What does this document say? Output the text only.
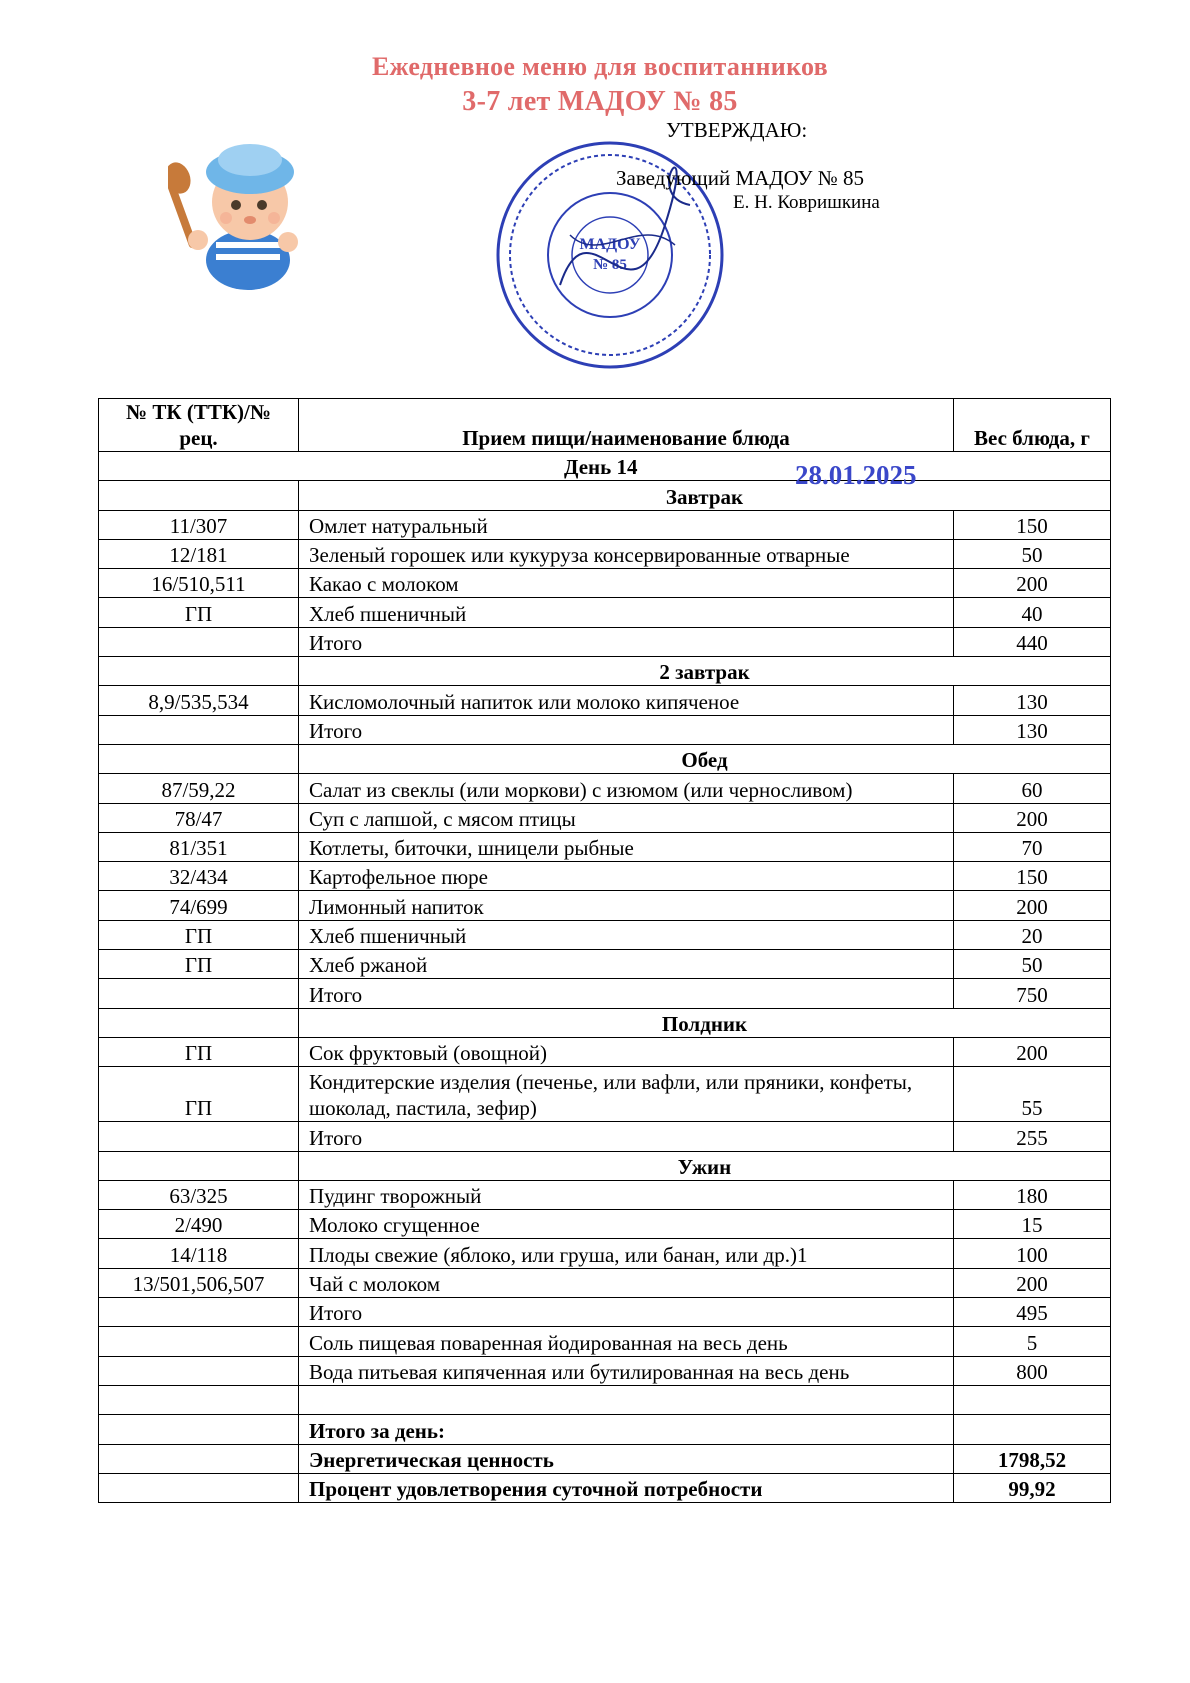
Ежедневное меню для воспитанников
3-7 лет МАДОУ № 85
МАДОУ
№ 85
УТВЕРЖДАЮ:
Заведующий МАДОУ № 85
Е. Н. Ковришкина
№ ТК (ТТК)/№ рец.	Прием пищи/наименование блюда	Вес блюда, г

День 14 28.01.2025		

	Завтрак	
11/307	Омлет натуральный	150
12/181	Зеленый горошек или кукуруза консервированные отварные	50
16/510,511	Какао с молоком	200
ГП	Хлеб пшеничный	40
	Итого	440
	2 завтрак	
8,9/535,534	Кисломолочный напиток или молоко кипяченое	130
	Итого	130
	Обед	
87/59,22	Салат из свеклы (или моркови) с изюмом (или черносливом)	60
78/47	Суп с лапшой, с мясом птицы	200
81/351	Котлеты, биточки, шницели рыбные	70
32/434	Картофельное пюре	150
74/699	Лимонный напиток	200
ГП	Хлеб пшеничный	20
ГП	Хлеб ржаной	50
	Итого	750
	Полдник	
ГП	Сок фруктовый (овощной)	200
ГП	Кондитерские изделия (печенье, или вафли, или пряники, конфеты, шоколад, пастила, зефир)	55
	Итого	255
	Ужин	
63/325	Пудинг творожный	180
2/490	Молоко сгущенное	15
14/118	Плоды свежие (яблоко, или груша, или банан, или др.)1	100
13/501,506,507	Чай с молоком	200
	Итого	495
	Соль пищевая поваренная йодированная на весь день	5
	Вода питьевая кипяченная или бутилированная на весь день	800

	Итого за день:	
	Энергетическая ценность	1798,52
	Процент удовлетворения суточной потребности	99,92
